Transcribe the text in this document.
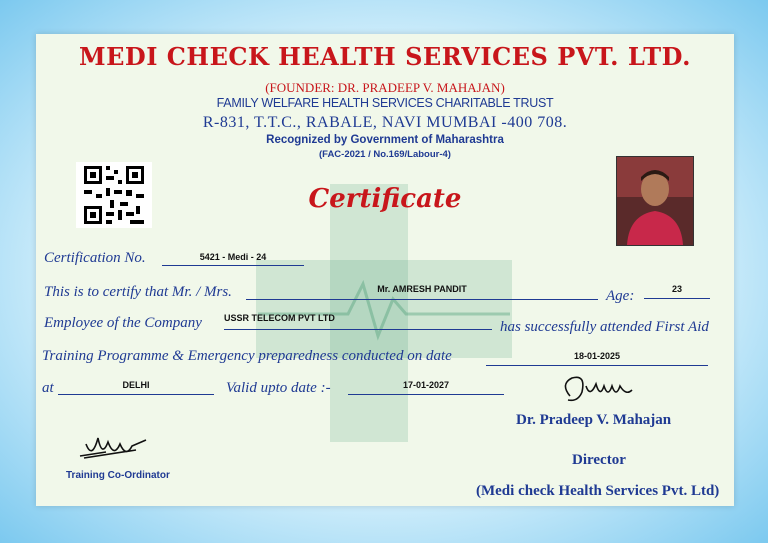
MEDI CHECK HEALTH SERVICES PVT. LTD.
(FOUNDER: DR. PRADEEP V. MAHAJAN)
FAMILY WELFARE HEALTH SERVICES CHARITABLE TRUST
R-831, T.T.C., RABALE, NAVI MUMBAI -400 708.
Recognized by Government of Maharashtra
(FAC-2021 / No.169/Labour-4)
Certificate
Certification No.	5421 - Medi - 24
This is to certify that Mr. / Mrs.	Mr. AMRESH PANDIT	Age:	23
Employee of the Company USSR TELECOM PVT LTD
has successfully attended First Aid
Training Programme & Emergency preparedness conducted on date	18-01-2025
at	DELHI	Valid upto date :-	17-01-2027
Dr. Pradeep V. Mahajan
Director
(Medi check Health Services Pvt. Ltd)
Training Co-Ordinator
